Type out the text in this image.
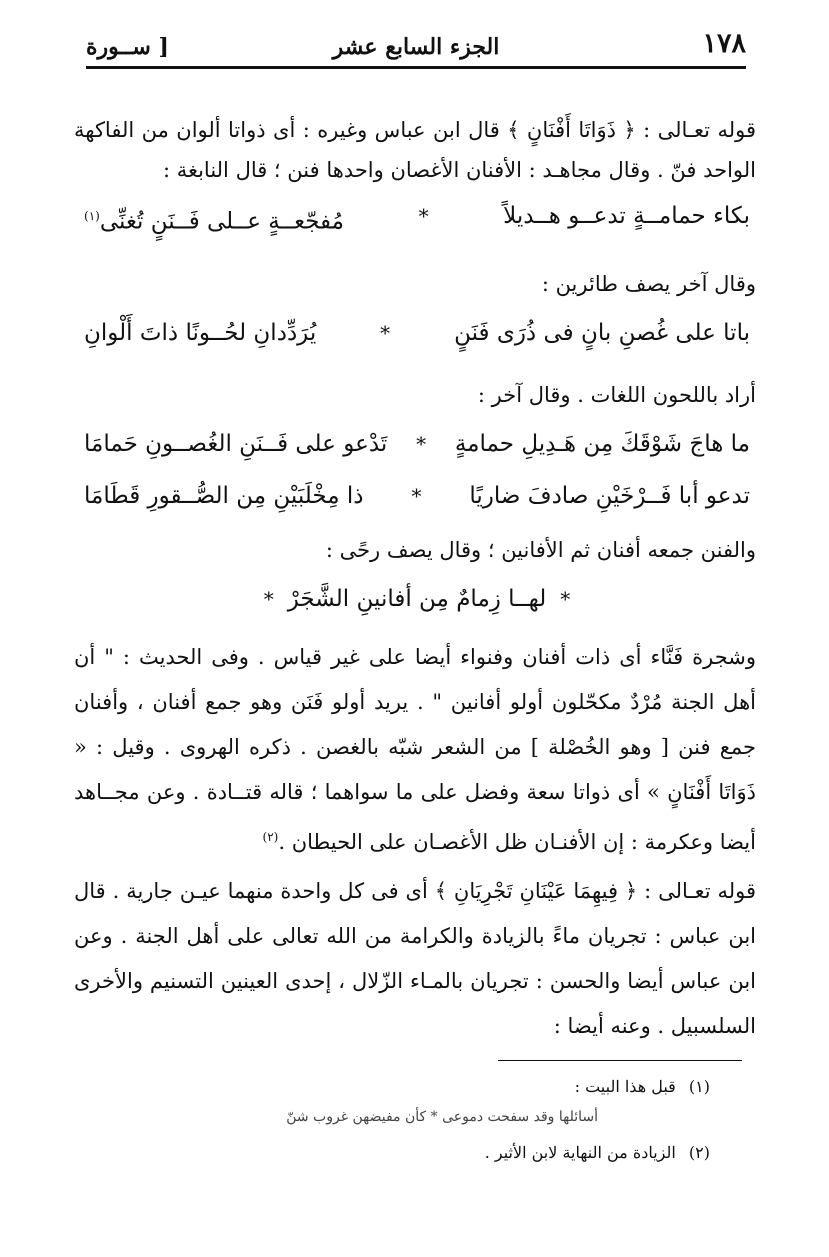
١٧٨
الجزء السابع عشر
[ ســورة

قوله تعـالى : ﴿ ذَوَاتَا أَفْنَانٍ ﴾ قال ابن عباس وغيره : أى ذواتا ألوان من الفاكهة الواحد فنّ . وقال مجاهـد : الأفنان الأغصان واحدها فنن ؛ قال النابغة :

بكاء حمامــةٍ تدعــو هــديلاً
*
مُفجّعــةٍ عــلى فَــنَنٍ تُغنِّى$^{(١)}$

وقال آخر يصف طائرين :

باتا على غُصنِ بانٍ فى ذُرَى فَنَنٍ
*
يُرَدِّدانِ لحُــونًا ذاتَ أَلْوانِ

أراد باللحون اللغات . وقال آخر :

ما هاجَ شَوْقَكَ مِن هَـدِيلِ حمامةٍ
*
تَدْعو على فَــنَنِ الغُصــونِ حَمامَا
تدعو أبا فَــرْخَيْنِ صادفَ ضاريًا
*
ذا مِخْلَبَيْنِ مِن الصُّــقورِ قَطَامَا

والفنن جمعه أفنان ثم الأفانين ؛ وقال يصف رحًى :

*
لهــا زِمامٌ مِن أفانينِ الشَّجَرْ
*

وشجرة فَنَّاء أى ذات أفنان وفنواء أيضا على غير قياس . وفى الحديث : " أن أهل الجنة مُرْدٌ مكحّلون أولو أفانين " . يريد أولو فَنَن وهو جمع أفنان ، وأفنان جمع فنن [ وهو الخُصْلة ] من الشعر شبّه بالغصن . ذكره الهروى . وقيل : « ذَوَاتَا أَفْنَانٍ » أى ذواتا سعة وفضل على ما سواهما ؛ قاله قتــادة . وعن مجــاهد أيضا وعكرمة : إن الأفنـان ظل الأغصـان على الحيطان .$^{(٢)}$

قوله تعـالى : ﴿ فِيهِمَا عَيْنَانِ تَجْرِيَانِ ﴾ أى فى كل واحدة منهما عيـن جارية . قال ابن عباس : تجريان ماءً بالزيادة والكرامة من الله تعالى على أهل الجنة . وعن ابن عباس أيضا والحسن : تجريان بالمـاء الزّلال ، إحدى العينين التسنيم والأخرى السلسبيل . وعنه أيضا :

(١) قبل هذا البيت :
أسائلها وقد سفحت دموعى * كأن مفيضهن غروب شنّ
(٢) الزيادة من النهاية لابن الأثير .
